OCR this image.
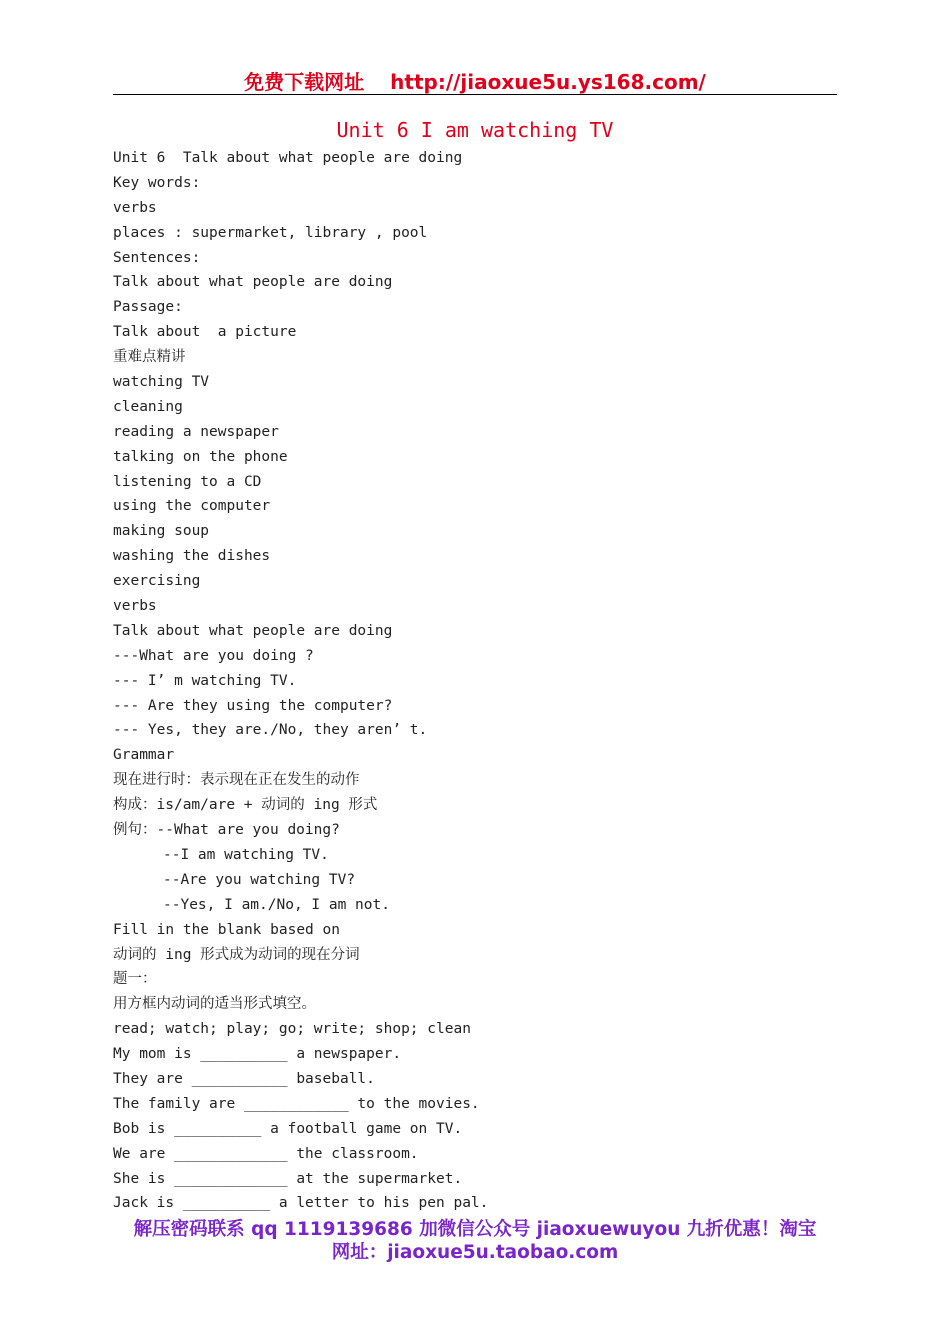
免费下载网址 http://jiaoxue5u.ys168.com/
Unit 6 I am watching TV
Unit 6  Talk about what people are doing
Key words:
verbs
places : supermarket, library , pool
Sentences:
Talk about what people are doing
Passage:
Talk about  a picture
重难点精讲
watching TV
cleaning
reading a newspaper
talking on the phone
listening to a CD
using the computer
making soup
washing the dishes
exercising
verbs
Talk about what people are doing
---What are you doing ?
--- I’ m watching TV.
--- Are they using the computer?
--- Yes, they are./No, they aren’ t.
Grammar
现在进行时：表示现在正在发生的动作
构成：is/am/are + 动词的 ing 形式
例句：--What are you doing?
--I am watching TV.
--Are you watching TV?
--Yes, I am./No, I am not.
Fill in the blank based on
动词的 ing 形式成为动词的现在分词
题一：
用方框内动词的适当形式填空。
read; watch; play; go; write; shop; clean
My mom is __________ a newspaper.
They are ___________ baseball.
The family are ____________ to the movies.
Bob is __________ a football game on TV.
We are _____________ the classroom.
She is _____________ at the supermarket.
Jack is __________ a letter to his pen pal.
解压密码联系 qq 1119139686 加微信公众号 jiaoxuewuyou 九折优惠！淘宝
网址：jiaoxue5u.taobao.com
